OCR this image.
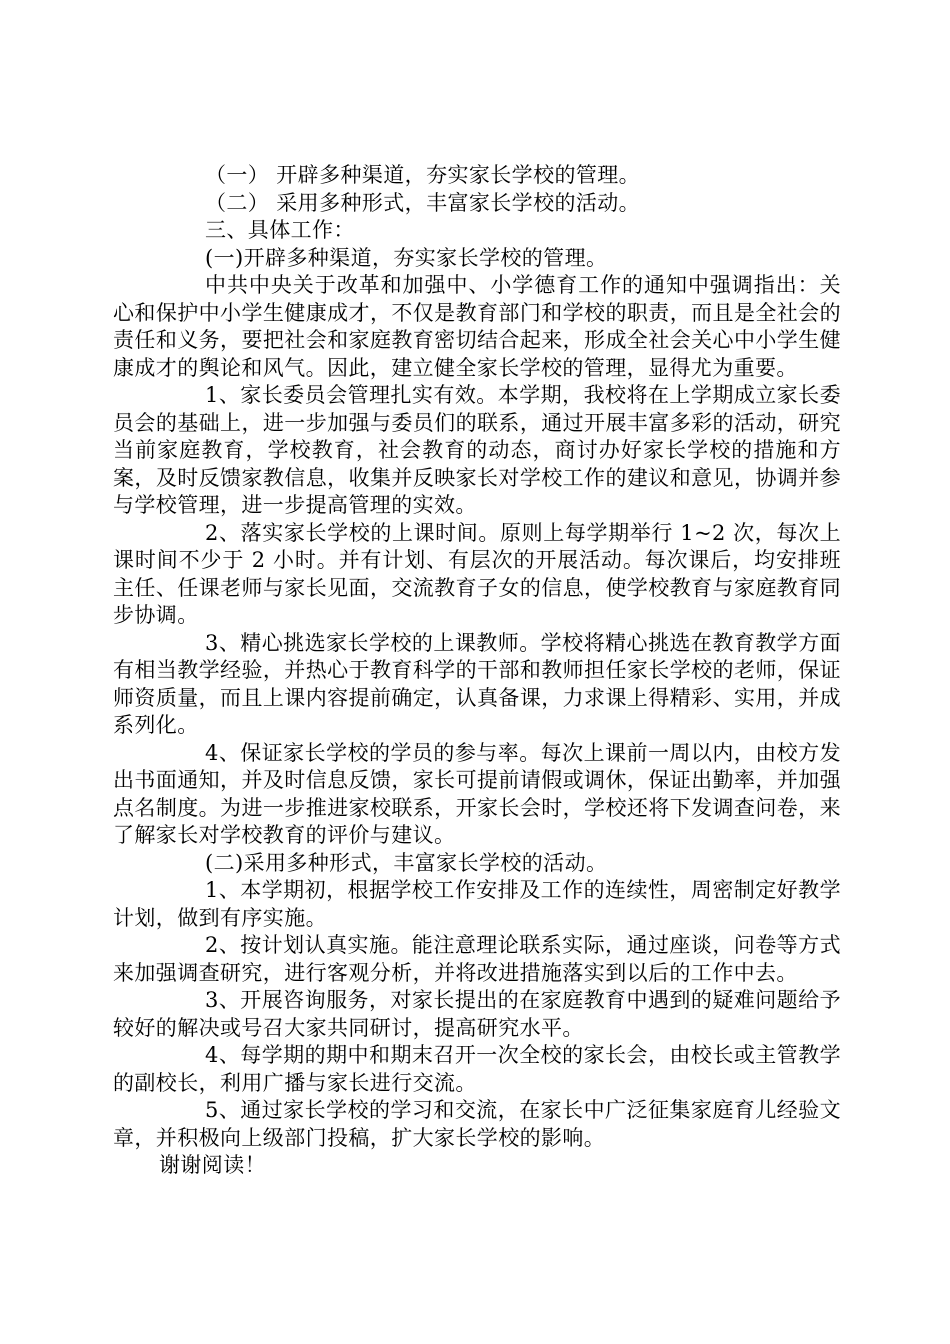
（一） 开辟多种渠道，夯实家长学校的管理。

（二） 采用多种形式，丰富家长学校的活动。

三、具体工作：

(一)开辟多种渠道，夯实家长学校的管理。

中共中央关于改革和加强中、小学德育工作的通知中强调指出：关心和保护中小学生健康成才，不仅是教育部门和学校的职责，而且是全社会的责任和义务，要把社会和家庭教育密切结合起来，形成全社会关心中小学生健康成才的舆论和风气。因此，建立健全家长学校的管理，显得尤为重要。

1、家长委员会管理扎实有效。本学期，我校将在上学期成立家长委员会的基础上，进一步加强与委员们的联系，通过开展丰富多彩的活动，研究当前家庭教育，学校教育，社会教育的动态，商讨办好家长学校的措施和方案，及时反馈家教信息，收集并反映家长对学校工作的建议和意见，协调并参与学校管理，进一步提高管理的实效。

2、落实家长学校的上课时间。原则上每学期举行 1~2 次，每次上课时间不少于 2 小时。并有计划、有层次的开展活动。每次课后，均安排班主任、任课老师与家长见面，交流教育子女的信息，使学校教育与家庭教育同步协调。

3、精心挑选家长学校的上课教师。学校将精心挑选在教育教学方面有相当教学经验，并热心于教育科学的干部和教师担任家长学校的老师，保证师资质量，而且上课内容提前确定，认真备课，力求课上得精彩、实用，并成系列化。

4、保证家长学校的学员的参与率。每次上课前一周以内，由校方发出书面通知，并及时信息反馈，家长可提前请假或调休，保证出勤率，并加强点名制度。为进一步推进家校联系，开家长会时，学校还将下发调查问卷，来了解家长对学校教育的评价与建议。

(二)采用多种形式，丰富家长学校的活动。

1、本学期初，根据学校工作安排及工作的连续性，周密制定好教学计划，做到有序实施。

2、按计划认真实施。能注意理论联系实际，通过座谈，问卷等方式来加强调查研究，进行客观分析，并将改进措施落实到以后的工作中去。

3、开展咨询服务，对家长提出的在家庭教育中遇到的疑难问题给予较好的解决或号召大家共同研讨，提高研究水平。

4、每学期的期中和期末召开一次全校的家长会，由校长或主管教学的副校长，利用广播与家长进行交流。

5、通过家长学校的学习和交流，在家长中广泛征集家庭育儿经验文章，并积极向上级部门投稿，扩大家长学校的影响。

谢谢阅读！
